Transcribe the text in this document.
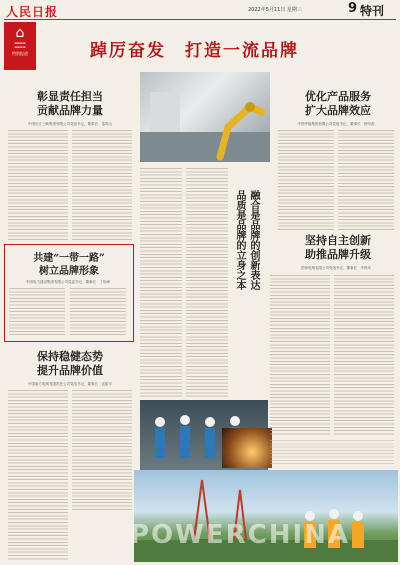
人民日报	2022年5月11日 星期三	9 特刊
⌂
▬▬▬▬
▬▬▬▬
特别报道	踔厉奋发　打造一流品牌
彰显责任担当
贡献品牌力量
中国长江三峡集团有限公司党组书记、董事长　雷鸣山
共建“一带一路”
树立品牌形象
中国电力建设集团有限公司党委书记、董事长　丁焰章
保持稳健态势
提升品牌价值
中国南方电网有限责任公司党组书记、董事长　孟振平
融合是品牌的创新表达
品质是品牌的立身之本
优化产品服务
扩大品牌效应
中国华能集团有限公司党组书记、董事长　舒印彪
坚持自主创新
助推品牌升级
国家电网有限公司党组书记、董事长　辛保安
POWERCHINA
